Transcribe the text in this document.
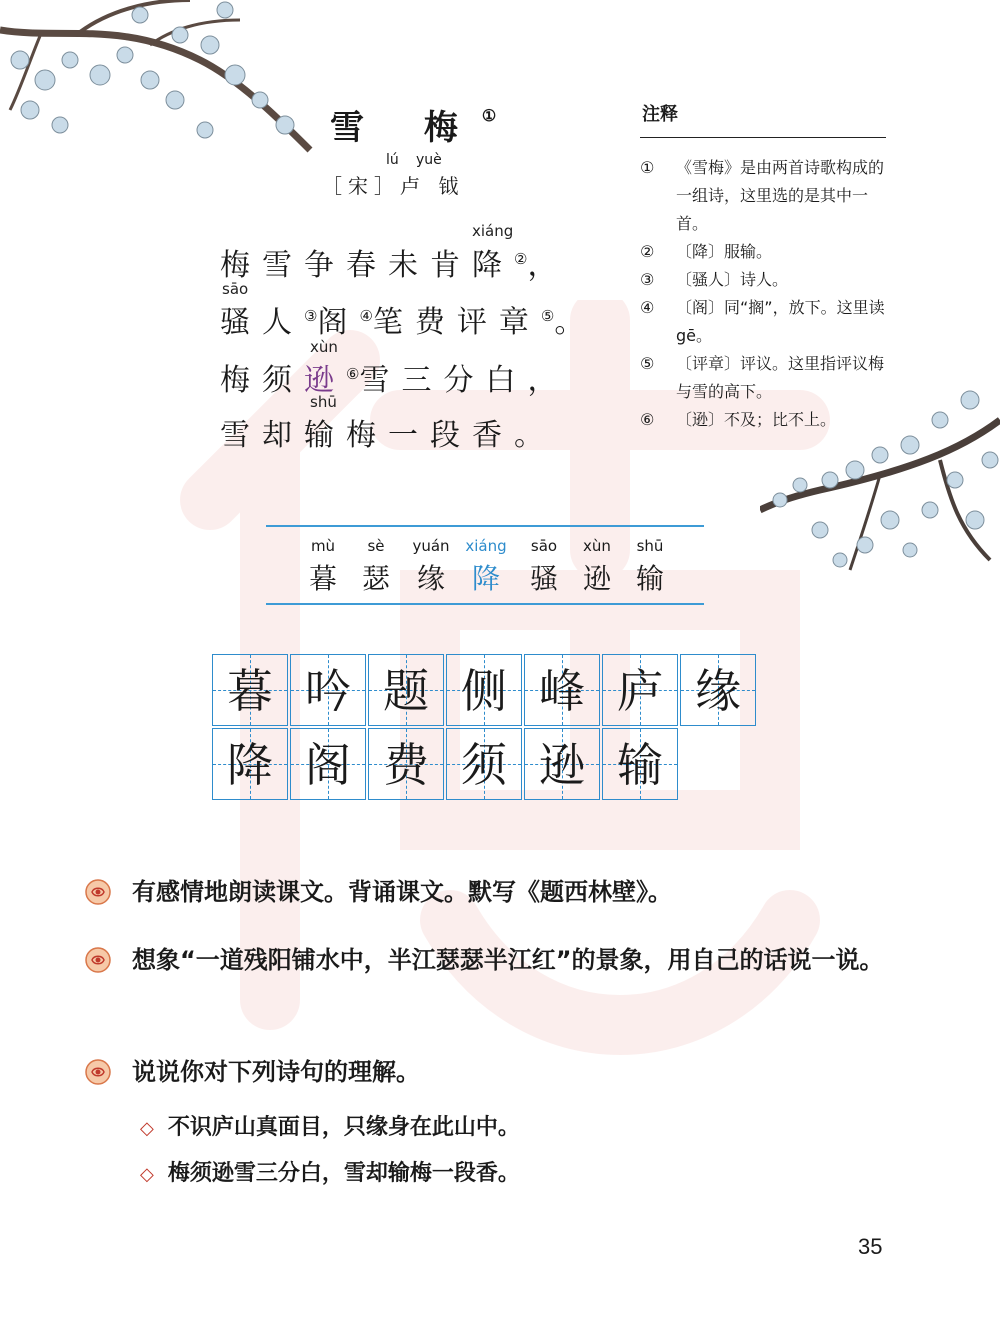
雪 梅①
lú yuè
［宋］卢 钺
xiáng
梅雪争春未肯降②，
sāo
骚人③阁④笔费评章⑤。
xùn
梅须逊⑥雪三分白，
shū
雪却输梅一段香。
注释
① 《雪梅》是由两首诗歌构成的一组诗，这里选的是其中一首。
② 〔降〕服输。
③ 〔骚人〕诗人。
④ 〔阁〕同“搁”，放下。这里读gē。
⑤ 〔评章〕评议。这里指评议梅与雪的高下。
⑥ 〔逊〕不及；比不上。
mù
暮
sè
瑟
yuán
缘
xiáng
降
sāo
骚
xùn
逊
shū
输
暮 吟 题 侧 峰 庐 缘
降 阁 费 须 逊 输
有感情地朗读课文。背诵课文。默写《题西林壁》。
想象“一道残阳铺水中，半江瑟瑟半江红”的景象，用自己的话说一说。
说说你对下列诗句的理解。
◇ 不识庐山真面目，只缘身在此山中。
◇ 梅须逊雪三分白，雪却输梅一段香。
35
